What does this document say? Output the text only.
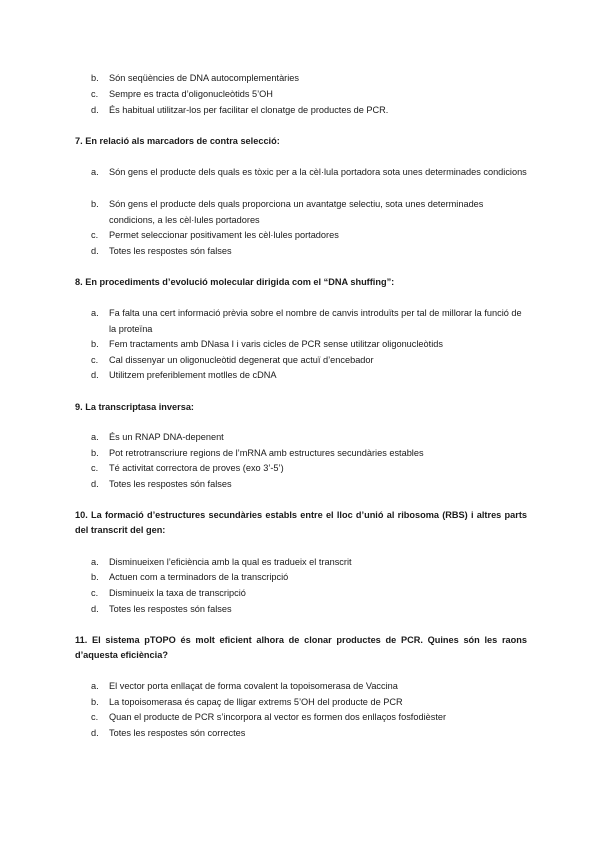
b.	Són seqüències de DNA autocomplementàries
c.	Sempre es tracta d’oligonucleòtids 5’OH
d.	És habitual utilitzar-los per facilitar el clonatge de productes de PCR.
7. En relació als marcadors de contra selecció:
a.	Són gens el producte dels quals es tòxic per a la cèl·lula portadora sota unes determinades condicions
b.	Són gens el producte dels quals proporciona un avantatge selectiu, sota unes determinades condicions, a les cèl·lules portadores
c.	Permet seleccionar positivament les cèl·lules portadores
d.	Totes les respostes són falses
8. En procediments d’evolució molecular dirigida com el “DNA shuffing”:
a.	Fa falta una cert informació prèvia sobre el nombre de canvis introduïts per tal de millorar la funció de la proteïna
b.	Fem tractaments amb DNasa I i varis cicles de PCR sense utilitzar oligonucleòtids
c.	Cal dissenyar un oligonucleòtid degenerat que actuï d’encebador
d.	Utilitzem preferiblement motlles de cDNA
9. La transcriptasa inversa:
a.	És un RNAP DNA-depenent
b.	Pot retrotranscriure regions de l’mRNA amb estructures secundàries estables
c.	Té activitat correctora de proves (exo 3’-5’)
d.	Totes les respostes són falses
10. La formació d’estructures secundàries establs entre el lloc d’unió al ribosoma (RBS) i altres parts del transcrit del gen:
a.	Disminueixen l’eficiència amb la qual es tradueix el transcrit
b.	Actuen com a terminadors de la transcripció
c.	Disminueix la taxa de transcripció
d.	Totes les respostes són falses
11. El sistema pTOPO és molt eficient alhora de clonar productes de PCR. Quines són les raons d’aquesta eficiència?
a.	El vector porta enllaçat de forma covalent la topoisomerasa de Vaccina
b.	La topoisomerasa és capaç de lligar extrems 5’OH del producte de PCR
c.	Quan el producte de PCR s’incorpora al vector es formen dos enllaços fosfodièster
d.	Totes les respostes són correctes
